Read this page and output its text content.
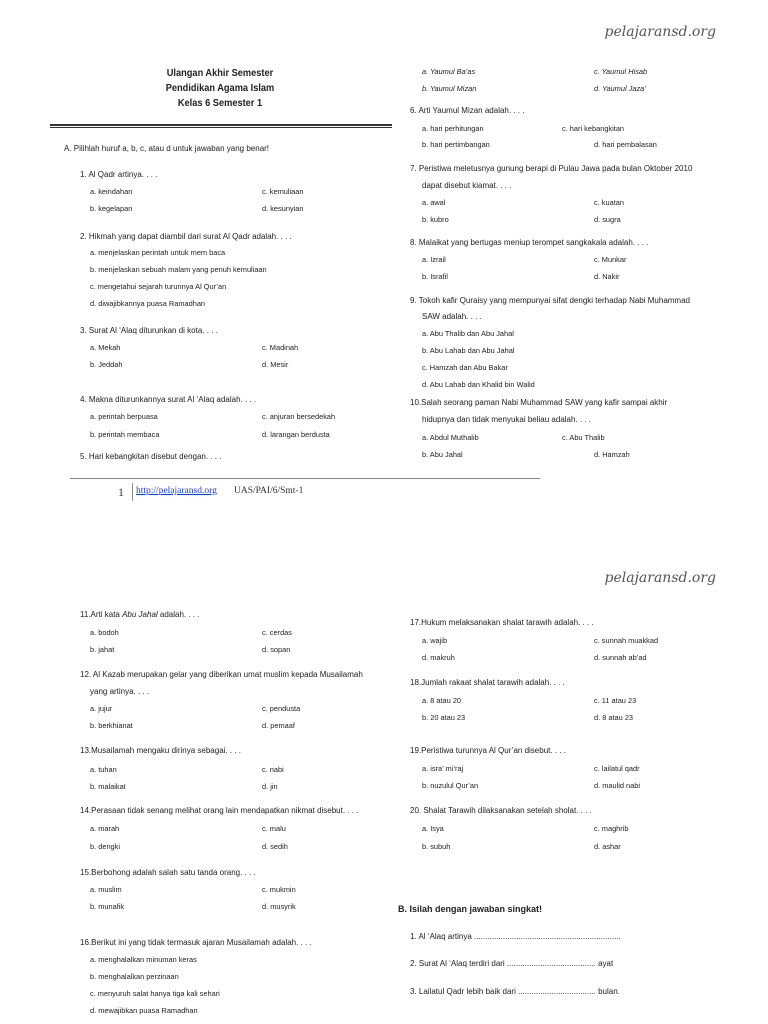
pelajaransd.org
Ulangan Akhir Semester
Pendidikan Agama Islam
Kelas 6 Semester 1
A. Pilihlah huruf a, b, c, atau d untuk jawaban yang benar!
1. Al Qadr artinya. . . .
a. keindahan	c. kemuliaan
b. kegelapan	d. kesunyian
2. Hikmah yang dapat diambil dari surat Al Qadr adalah. . . .
a. menjelaskan perintah untuk mem baca
b. menjelaskan sebuah malam yang penuh kemuliaan
c. mengetahui sejarah turunnya Al Qur’an
d. diwajibkannya puasa Ramadhan
3. Surat Al ‘Alaq diturunkan di kota. . . .
a. Mekah	c. Madinah
b. Jeddah	d. Mesir
4. Makna diturunkannya surat Al ‘Alaq adalah. . . .
a. perintah berpuasa	c. anjuran bersedekah
b. perintah membaca	d. larangan berdusta
5. Hari kebangkitan disebut dengan. . . .
a. Yaumul Ba’as	c. Yaumul Hisab
b. Yaumul Mizan	d. Yaumul Jaza’
6. Arti Yaumul Mizan adalah. . . .
a. hari perhitungan	c. hari kebangkitan
b. hari pertimbangan	d. hari pembalasan
7. Peristiwa meletusnya gunung berapi di Pulau Jawa pada bulan Oktober 2010
dapat disebut kiamat. . . .
a. awal	c. kuatan
b. kubro	d. sugra
8. Malaikat yang bertugas meniup terompet sangkakala adalah. . . .
a. Izrail	c. Munkar
b. Israfil	d. Nakir
9. Tokoh kafir Quraisy yang mempunyai sifat dengki terhadap Nabi Muhammad
SAW adalah. . . .
a. Abu Thalib dan Abu Jahal
b. Abu Lahab dan Abu Jahal
c. Hamzah dan Abu Bakar
d. Abu Lahab dan Khalid bin Walid
10.Salah seorang paman Nabi Muhammad SAW yang kafir sampai akhir
hidupnya dan tidak menyukai beliau adalah. . . .
a. Abdul Muthalib	c. Abu Thalib
b. Abu Jahal	d. Hamzah
1 http://pelajaransd.org UAS/PAI/6/Smt-1
pelajaransd.org
11.Arti kata Abu Jahal adalah. . . .
a. bodoh	c. cerdas
b. jahat	d. sopan
12. Al Kazab merupakan gelar yang diberikan umat muslim kepada Musailamah
yang artinya. . . .
a. jujur	c. pendusta
b. berkhianat	d. pemaaf
13.Musailamah mengaku dirinya sebagai. . . .
a. tuhan	c. nabi
b. malaikat	d. jin
14.Perasaan tidak senang melihat orang lain mendapatkan nikmat disebut. . . .
a. marah	c. malu
b. dengki	d. sedih
15.Berbohong adalah salah satu tanda orang. . . .
a. muslim	c. mukmin
b. munafik	d. musyrik
16.Berikut ini yang tidak termasuk ajaran Musailamah adalah. . . .
a. menghalalkan minuman keras
b. menghalalkan perzinaan
c. menyuruh salat hanya tiga kali sehari
d. mewajibkan puasa Ramadhan
17.Hukum melaksanakan shalat tarawih adalah. . . .
a. wajib	c. sunnah muakkad
d. makruh	d. sunnah ab’ad
18.Jumlah rakaat shalat tarawih adalah. . . .
a. 8 atau 20	c. 11 atau 23
b. 20 atau 23	d. 8 atau 23
19.Peristiwa turunnya Al Qur’an disebut. . . .
a. isra’ mi’raj	c. lailatul qadr
b. nuzulul Qur’an	d. maulid nabi
20. Shalat Tarawih dilaksanakan setelah sholat. . . .
a. Isya	c. maghrib
b. subuh	d. ashar
B. Isilah dengan jawaban singkat!
1. Al ‘Alaq artinya ..................................................................
2. Surat Al ‘Alaq terdiri dari ........................................ ayat
3. Lailatul Qadr lebih baik dari ................................... bulan.
